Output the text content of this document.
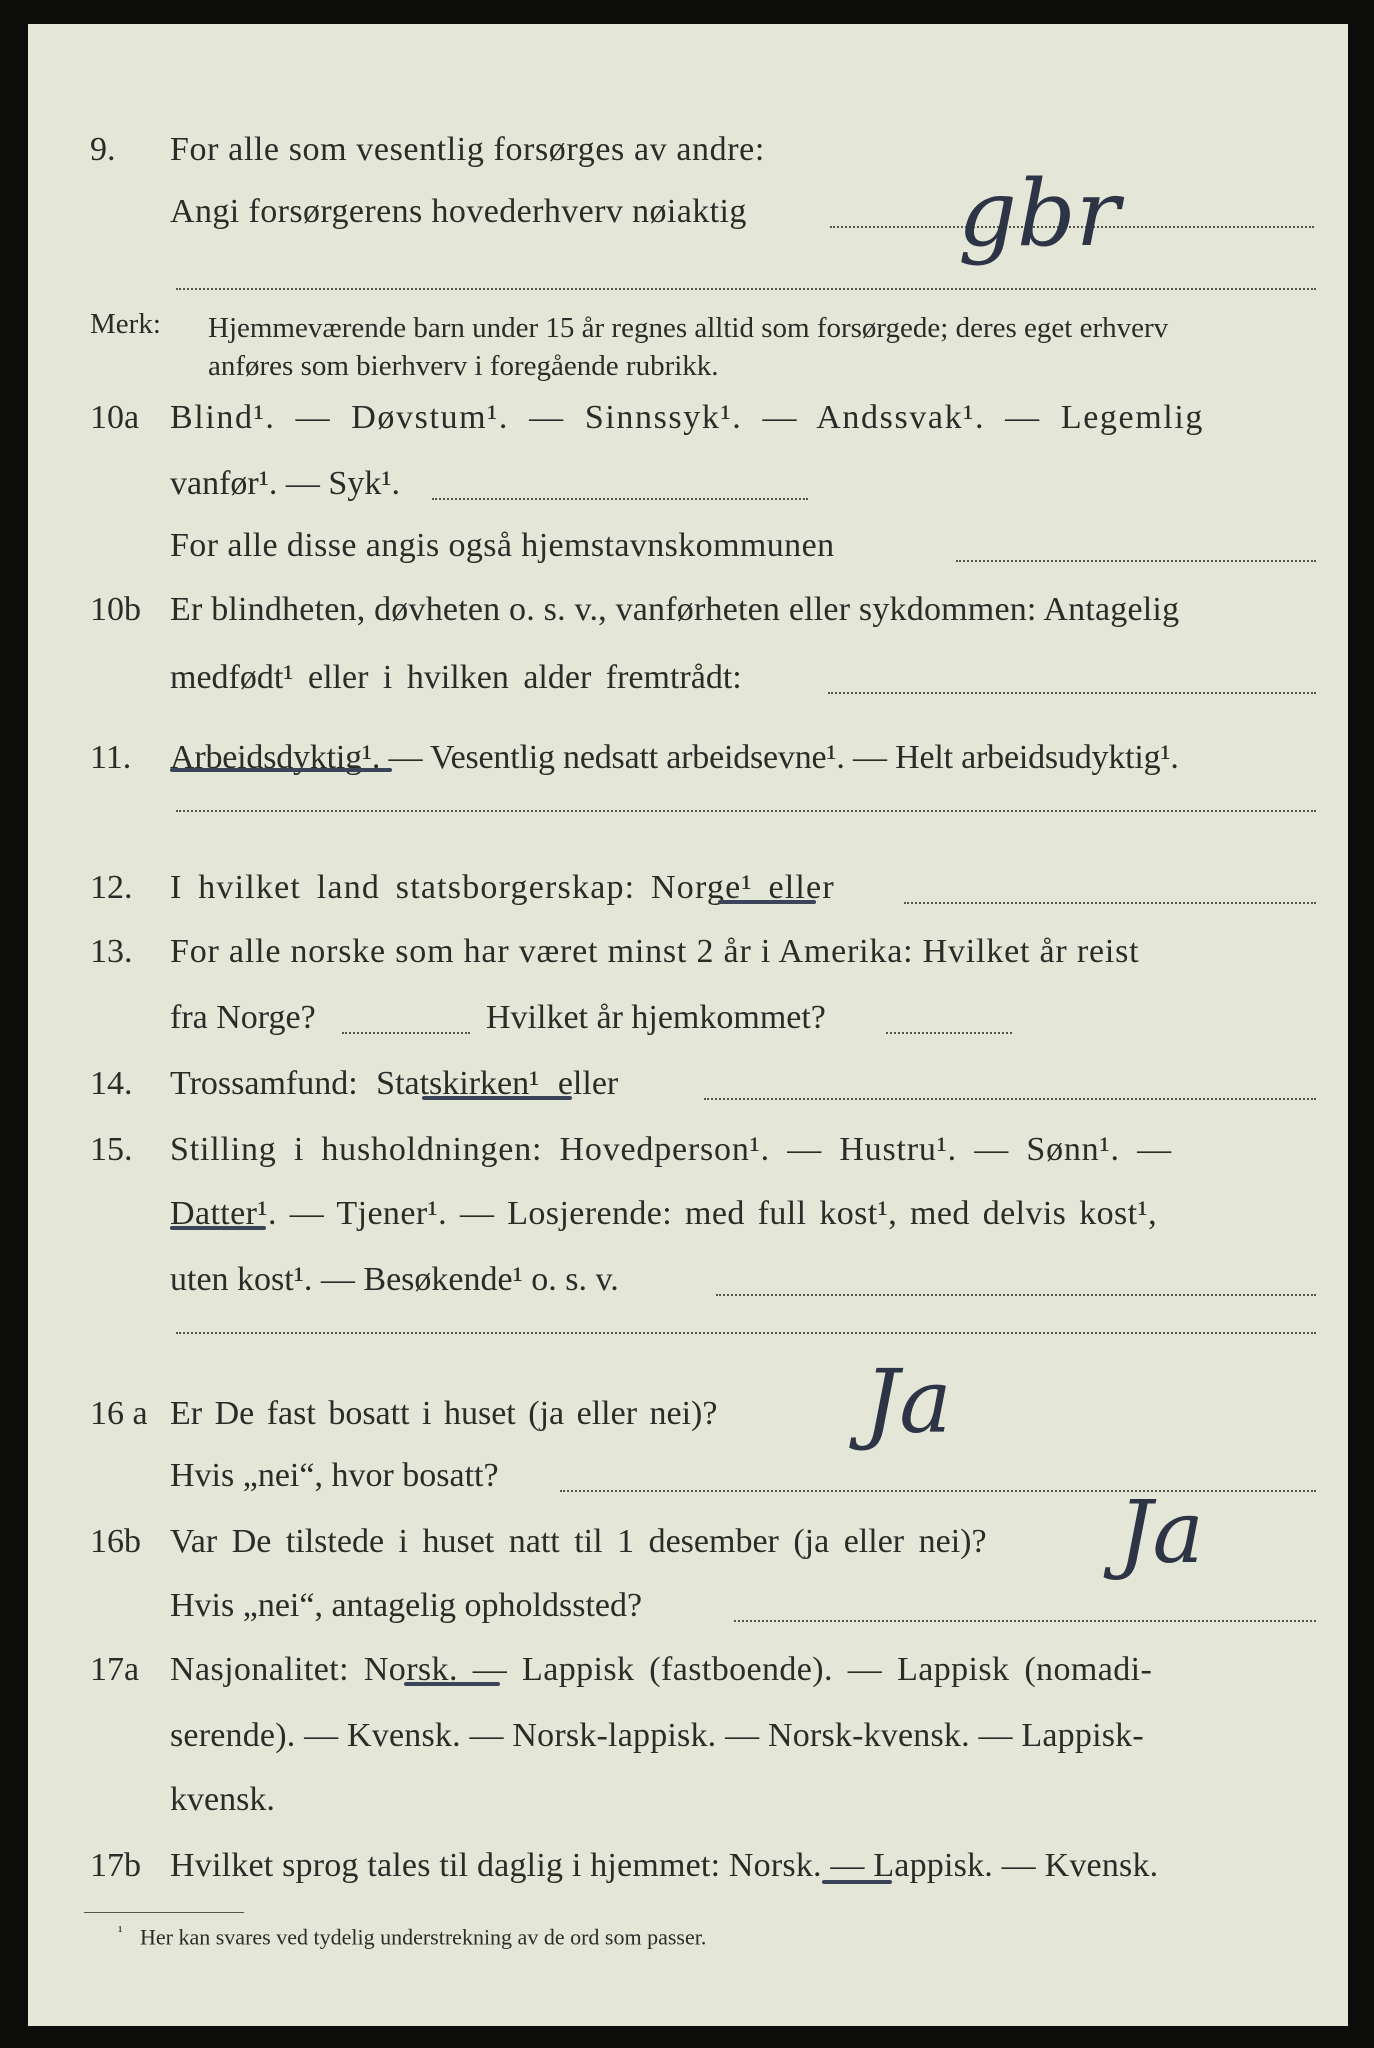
9. For alle som vesentlig forsørges av andre:
Angi forsørgerens hovederhverv nøiaktig gbr
Merk: Hjemmeværende barn under 15 år regnes alltid som forsørgede; deres eget erhverv
anføres som bierhverv i foregående rubrikk.
10a Blind¹. — Døvstum¹. — Sinnssyk¹. — Andssvak¹. — Legemlig
vanfør¹. — Syk¹.
For alle disse angis også hjemstavnskommunen
10b Er blindheten, døvheten o. s. v., vanførheten eller sykdommen: Antagelig
medfødt¹ eller i hvilken alder fremtrådt:
11. Arbeidsdyktig¹. — Vesentlig nedsatt arbeidsevne¹. — Helt arbeidsudyktig¹.
12. I hvilket land statsborgerskap: Norge¹ eller
13. For alle norske som har været minst 2 år i Amerika: Hvilket år reist
fra Norge?	Hvilket år hjemkommet?
14. Trossamfund: Statskirken¹ eller
15. Stilling i husholdningen: Hovedperson¹. — Hustru¹. — Sønn¹. —
Datter¹. — Tjener¹. — Losjerende: med full kost¹, med delvis kost¹,
uten kost¹. — Besøkende¹ o. s. v.
16 a Er De fast bosatt i huset (ja eller nei)? Ja
Hvis „nei“, hvor bosatt?
16b Var De tilstede i huset natt til 1 desember (ja eller nei)? Ja
Hvis „nei“, antagelig opholdssted?
17a Nasjonalitet: Norsk. — Lappisk (fastboende). — Lappisk (nomadi-
serende). — Kvensk. — Norsk-lappisk. — Norsk-kvensk. — Lappisk-
kvensk.
17b Hvilket sprog tales til daglig i hjemmet: Norsk. — Lappisk. — Kvensk.
$^{^1}$ Her kan svares ved tydelig understrekning av de ord som passer.
